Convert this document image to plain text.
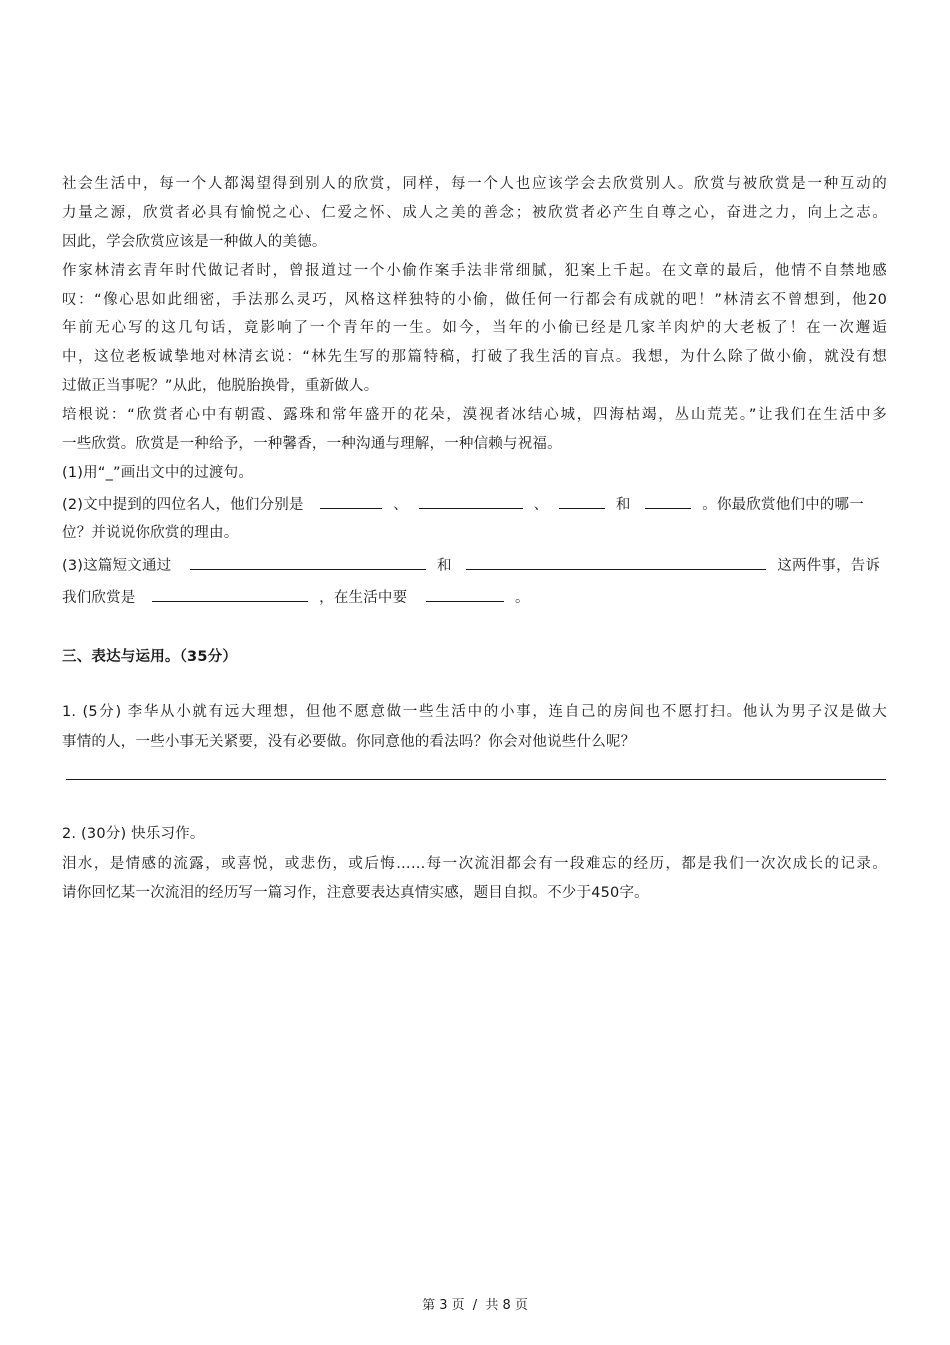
社会生活中，每一个人都渴望得到别人的欣赏，同样，每一个人也应该学会去欣赏别人。欣赏与被欣赏是一种互动的
力量之源，欣赏者必具有愉悦之心、仁爱之怀、成人之美的善念；被欣赏者必产生自尊之心，奋进之力，向上之志。
因此，学会欣赏应该是一种做人的美德。
作家林清玄青年时代做记者时，曾报道过一个小偷作案手法非常细腻，犯案上千起。在文章的最后，他情不自禁地感
叹：“像心思如此细密，手法那么灵巧，风格这样独特的小偷，做任何一行都会有成就的吧！”林清玄不曾想到，他20
年前无心写的这几句话，竟影响了一个青年的一生。如今，当年的小偷已经是几家羊肉炉的大老板了！在一次邂逅
中，这位老板诚挚地对林清玄说：“林先生写的那篇特稿，打破了我生活的盲点。我想，为什么除了做小偷，就没有想
过做正当事呢？”从此，他脱胎换骨，重新做人。
培根说：“欣赏者心中有朝霞、露珠和常年盛开的花朵，漠视者冰结心城，四海枯竭，丛山荒芜。”让我们在生活中多
一些欣赏。欣赏是一种给予，一种馨香，一种沟通与理解，一种信赖与祝福。
(1)用“_”画出文中的过渡句。
(2)文中提到的四位名人，他们分别是	、	、	和	。你最欣赏他们中的哪一
位？并说说你欣赏的理由。
(3)这篇短文通过	和	这两件事，告诉
我们欣赏是	，在生活中要	。
三、表达与运用。（35分）
1. (5分) 李华从小就有远大理想，但他不愿意做一些生活中的小事，连自己的房间也不愿打扫。他认为男子汉是做大
事情的人，一些小事无关紧要，没有必要做。你同意他的看法吗？你会对他说些什么呢？
2. (30分) 快乐习作。
泪水，是情感的流露，或喜悦，或悲伤，或后悔……每一次流泪都会有一段难忘的经历，都是我们一次次成长的记录。
请你回忆某一次流泪的经历写一篇习作，注意要表达真情实感，题目自拟。不少于450字。
第 3 页 / 共 8 页
